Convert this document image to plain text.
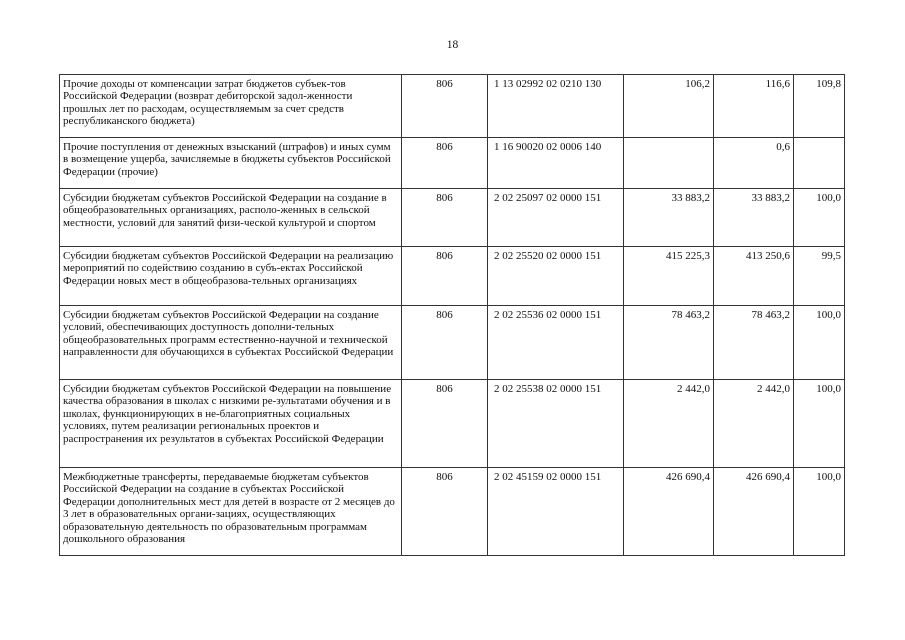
18
Прочие доходы от компенсации затрат бюджетов субъек-тов Российской Федерации (возврат дебиторской задол-женности прошлых лет по расходам, осуществляемым за счет средств республиканского бюджета)	806	1 13 02992 02 0210 130	106,2	116,6	109,8
Прочие поступления от денежных взысканий (штрафов) и иных сумм в возмещение ущерба, зачисляемые в бюджеты субъектов Российской Федерации (прочие)	806	1 16 90020 02 0006 140		0,6	
Субсидии бюджетам субъектов Российской Федерации на создание в общеобразовательных организациях, располо-женных в сельской местности, условий для занятий физи-ческой культурой и спортом	806	2 02 25097 02 0000 151	33 883,2	33 883,2	100,0
Субсидии бюджетам субъектов Российской Федерации на реализацию мероприятий по содействию созданию в субъ-ектах Российской Федерации новых мест в общеобразова-тельных организациях	806	2 02 25520 02 0000 151	415 225,3	413 250,6	99,5
Субсидии бюджетам субъектов Российской Федерации на создание условий, обеспечивающих доступность дополни-тельных общеобразовательных программ естественно-научной и технической направленности для обучающихся в субъектах Российской Федерации	806	2 02 25536 02 0000 151	78 463,2	78 463,2	100,0
Субсидии бюджетам субъектов Российской Федерации на повышение качества образования в школах с низкими ре-зультатами обучения и в школах, функционирующих в не-благоприятных социальных условиях, путем реализации региональных проектов и распространения их результатов в субъектах Российской Федерации	806	2 02 25538 02 0000 151	2 442,0	2 442,0	100,0
Межбюджетные трансферты, передаваемые бюджетам субъектов Российской Федерации на создание в субъектах Российской Федерации дополнительных мест для детей в возрасте от 2 месяцев до 3 лет в образовательных органи-зациях, осуществляющих образовательную деятельность по образовательным программам дошкольного образования	806	2 02 45159 02 0000 151	426 690,4	426 690,4	100,0
